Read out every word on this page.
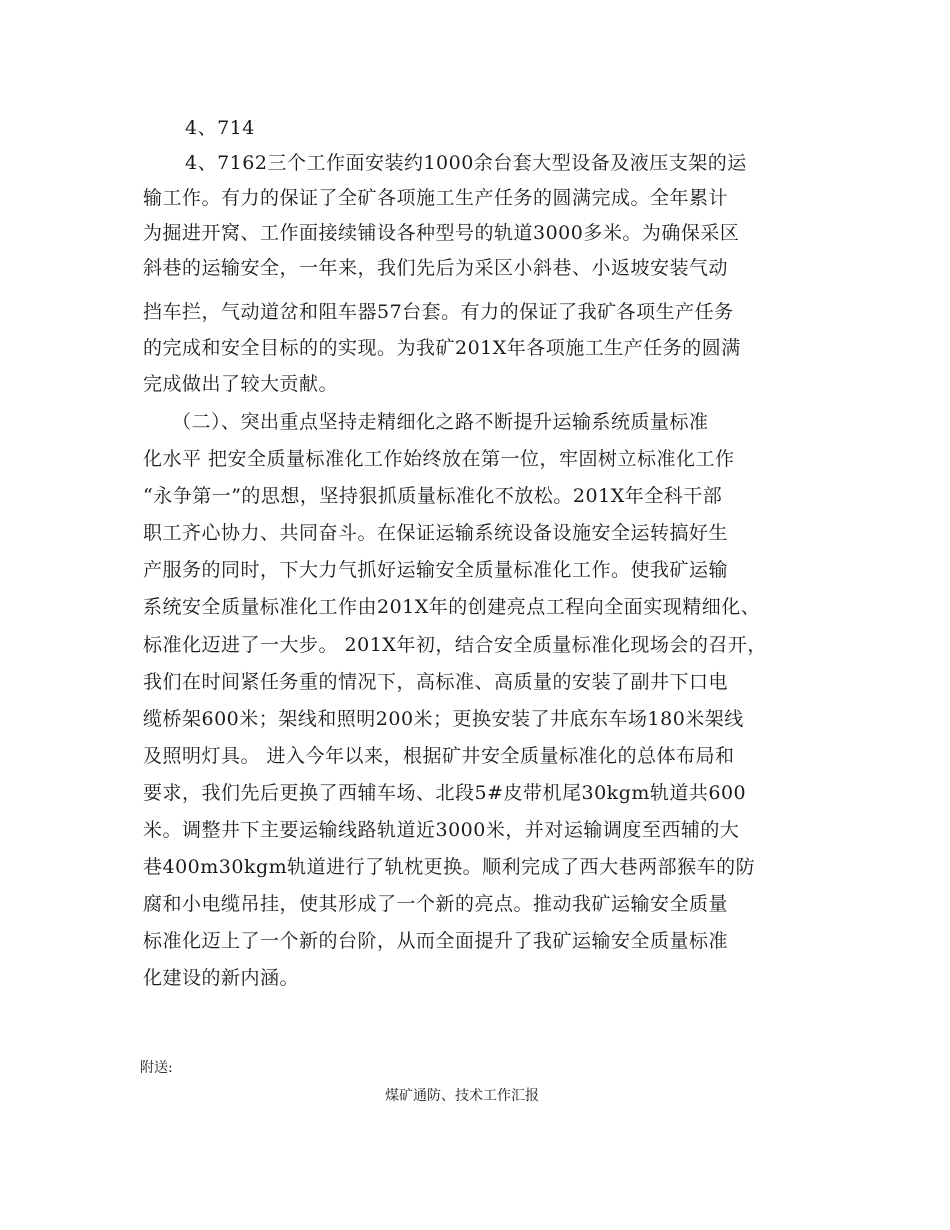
4、714
4、7162三个工作面安装约1000余台套大型设备及液压支架的运
输工作。有力的保证了全矿各项施工生产任务的圆满完成。全年累计
为掘进开窝、工作面接续铺设各种型号的轨道3000多米。为确保采区
斜巷的运输安全，一年来，我们先后为采区小斜巷、小返坡安装气动
挡车拦，气动道岔和阻车器57台套。有力的保证了我矿各项生产任务
的完成和安全目标的的实现。为我矿201X年各项施工生产任务的圆满
完成做出了较大贡献。
（二）、突出重点坚持走精细化之路不断提升运输系统质量标准
化水平 把安全质量标准化工作始终放在第一位，牢固树立标准化工作
“永争第一”的思想，坚持狠抓质量标准化不放松。201X年全科干部
职工齐心协力、共同奋斗。在保证运输系统设备设施安全运转搞好生
产服务的同时，下大力气抓好运输安全质量标准化工作。使我矿运输
系统安全质量标准化工作由201X年的创建亮点工程向全面实现精细化、
标准化迈进了一大步。 201X年初，结合安全质量标准化现场会的召开，
我们在时间紧任务重的情况下，高标准、高质量的安装了副井下口电
缆桥架600米；架线和照明200米；更换安装了井底东车场180米架线
及照明灯具。 进入今年以来，根据矿井安全质量标准化的总体布局和
要求，我们先后更换了西辅车场、北段5#皮带机尾30kgm轨道共600
米。调整井下主要运输线路轨道近3000米，并对运输调度至西辅的大
巷400m30kgm轨道进行了轨枕更换。顺利完成了西大巷两部猴车的防
腐和小电缆吊挂，使其形成了一个新的亮点。推动我矿运输安全质量
标准化迈上了一个新的台阶，从而全面提升了我矿运输安全质量标准
化建设的新内涵。
附送:
煤矿通防、技术工作汇报
